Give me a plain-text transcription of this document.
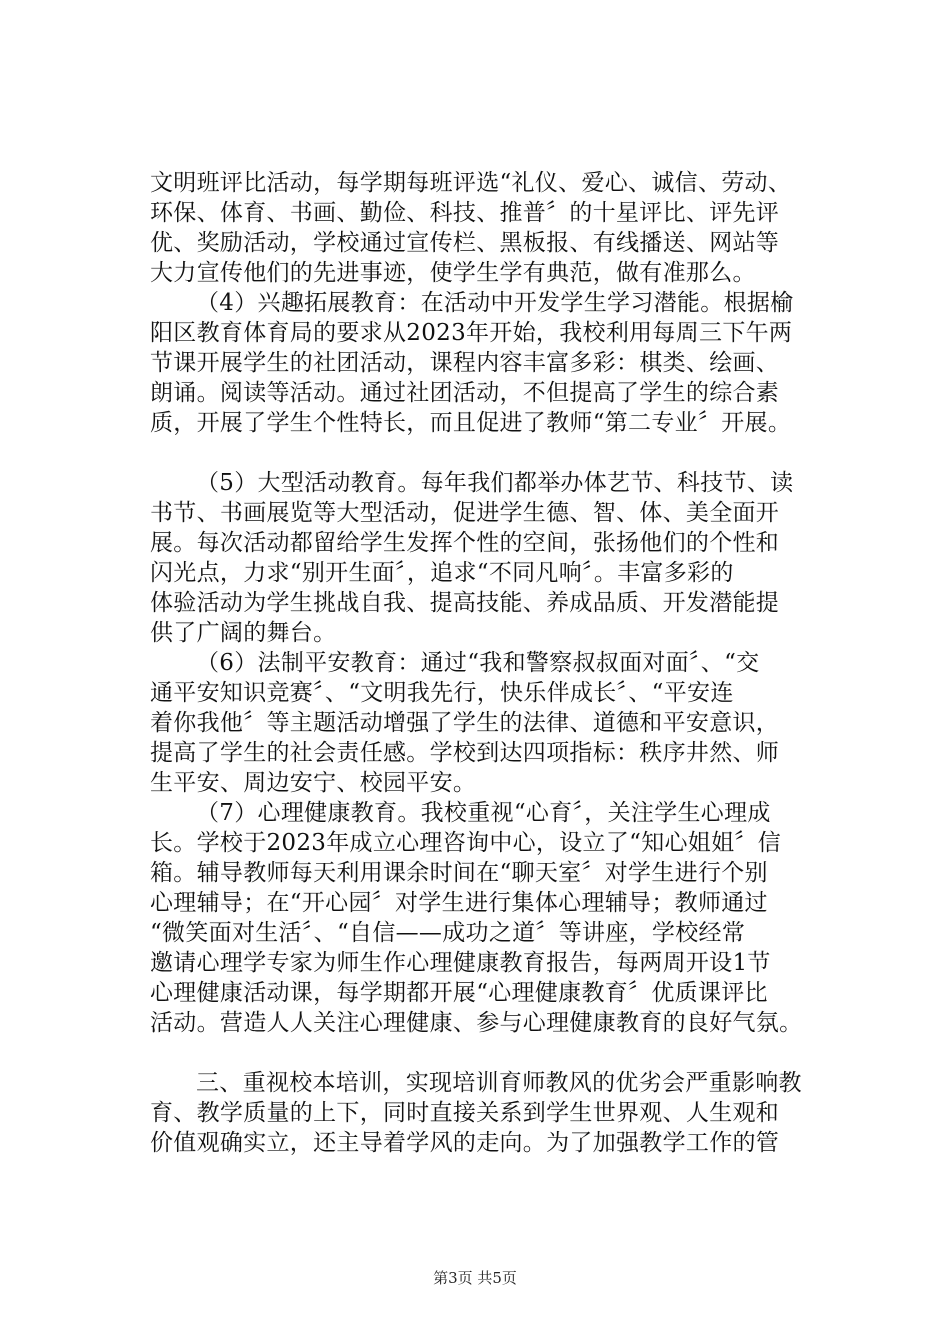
文明班评比活动，每学期每班评选“礼仪、爱心、诚信、劳动、
环保、体育、书画、勤俭、科技、推普〞的十星评比、评先评
优、奖励活动，学校通过宣传栏、黑板报、有线播送、网站等
大力宣传他们的先进事迹，使学生学有典范，做有准那么。
（4）兴趣拓展教育：在活动中开发学生学习潜能。根据榆
阳区教育体育局的要求从2023年开始，我校利用每周三下午两
节课开展学生的社团活动，课程内容丰富多彩：棋类、绘画、
朗诵。阅读等活动。通过社团活动，不但提高了学生的综合素
质，开展了学生个性特长，而且促进了教师“第二专业〞开展。
（5）大型活动教育。每年我们都举办体艺节、科技节、读
书节、书画展览等大型活动，促进学生德、智、体、美全面开
展。每次活动都留给学生发挥个性的空间，张扬他们的个性和
闪光点，力求“别开生面〞，追求“不同凡响〞。丰富多彩的
体验活动为学生挑战自我、提高技能、养成品质、开发潜能提
供了广阔的舞台。
（6）法制平安教育：通过“我和警察叔叔面对面〞、“交
通平安知识竞赛〞、“文明我先行，快乐伴成长〞、“平安连
着你我他〞等主题活动增强了学生的法律、道德和平安意识，
提高了学生的社会责任感。学校到达四项指标：秩序井然、师
生平安、周边安宁、校园平安。
（7）心理健康教育。我校重视“心育〞，关注学生心理成
长。学校于2023年成立心理咨询中心，设立了“知心姐姐〞信
箱。辅导教师每天利用课余时间在“聊天室〞对学生进行个别
心理辅导；在“开心园〞对学生进行集体心理辅导；教师通过
“微笑面对生活〞、“自信——成功之道〞等讲座，学校经常
邀请心理学专家为师生作心理健康教育报告，每两周开设1节
心理健康活动课，每学期都开展“心理健康教育〞优质课评比
活动。营造人人关注心理健康、参与心理健康教育的良好气氛。
三、重视校本培训，实现培训育师教风的优劣会严重影响教
育、教学质量的上下，同时直接关系到学生世界观、人生观和
价值观确实立，还主导着学风的走向。为了加强教学工作的管
第3页 共5页
